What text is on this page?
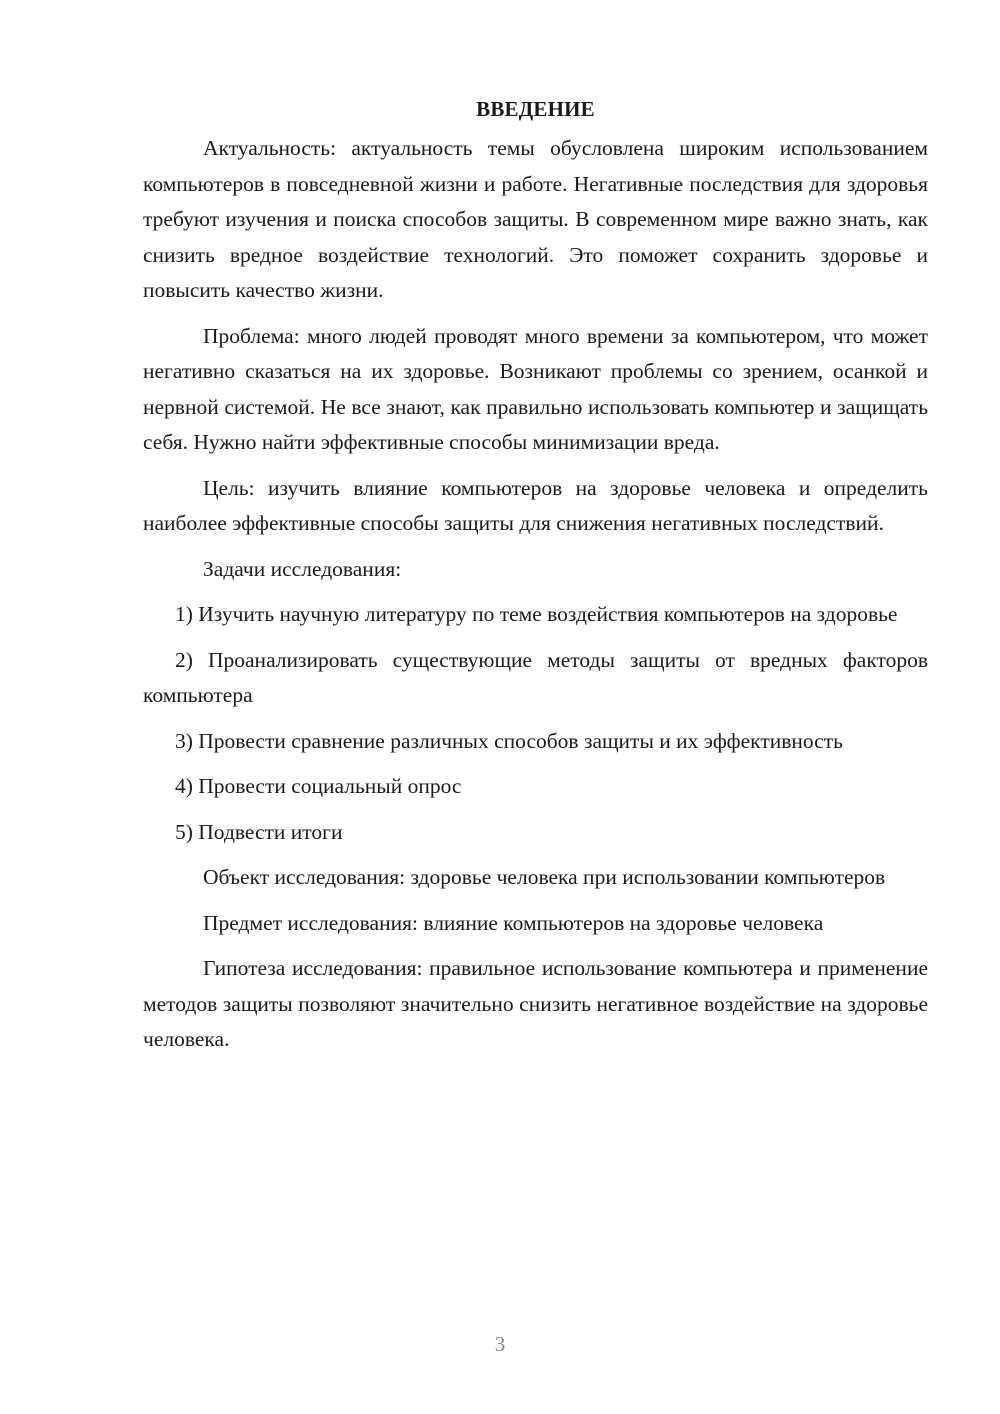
ВВЕДЕНИЕ

Актуальность: актуальность темы обусловлена широким использованием компьютеров в повседневной жизни и работе. Негативные последствия для здоровья требуют изучения и поиска способов защиты. В современном мире важно знать, как снизить вредное воздействие технологий. Это поможет сохранить здоровье и повысить качество жизни.

Проблема: много людей проводят много времени за компьютером, что может негативно сказаться на их здоровье. Возникают проблемы со зрением, осанкой и нервной системой. Не все знают, как правильно использовать компьютер и защищать себя. Нужно найти эффективные способы минимизации вреда.

Цель: изучить влияние компьютеров на здоровье человека и определить наиболее эффективные способы защиты для снижения негативных последствий.

Задачи исследования:

1) Изучить научную литературу по теме воздействия компьютеров на здоровье

2) Проанализировать существующие методы защиты от вредных факторов компьютера

3) Провести сравнение различных способов защиты и их эффективность

4) Провести социальный опрос

5) Подвести итоги

Объект исследования: здоровье человека при использовании компьютеров

Предмет исследования: влияние компьютеров на здоровье человека

Гипотеза исследования: правильное использование компьютера и применение методов защиты позволяют значительно снизить негативное воздействие на здоровье человека.

3
